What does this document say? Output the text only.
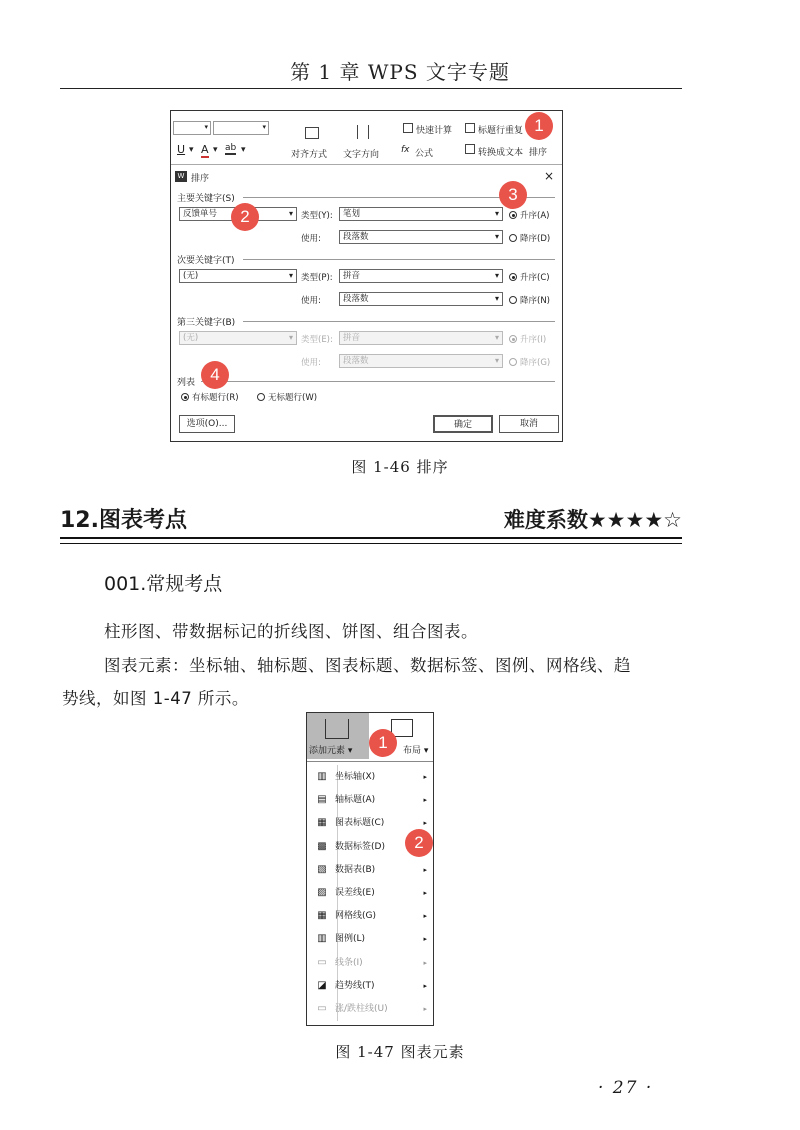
第 1 章 WPS 文字专题
▾	▾
U ▾ A ▾ ab ▾	对齐方式 文字方向 fx 公式
快速计算	标题行重复
转换成文本 排序
W 排序	×
主要关键字(S)
反馈单号	▾ 类型(Y):	笔划	▾	升序(A)
使用:	段落数	▾	降序(D)
次要关键字(T)
(无)	▾ 类型(P):	拼音	▾	升序(C)
使用:	段落数	▾	降序(N)
第三关键字(B)
(无)	▾ 类型(E):	拼音	▾	升序(I)
使用:	段落数	▾	降序(G)
列表
有标题行(R)	无标题行(W)
选项(O)...	确定	取消
1
2
3
4
图 1-46 排序
12.图表考点	难度系数★★★★☆
001.常规考点
柱形图、带数据标记的折线图、饼图、组合图表。
图表元素：坐标轴、轴标题、图表标题、数据标签、图例、网格线、趋
势线，如图 1-47 所示。
添加元素 ▾	布局 ▾
▥ 坐标轴(X)	▸
▤ 轴标题(A)	▸
▦ 图表标题(C)	▸
▩ 数据标签(D)
▧ 数据表(B)	▸
▨ 误差线(E)	▸
▦ 网格线(G)	▸
▥ 图例(L)	▸
▭ 线条(I)	▸
◪ 趋势线(T)	▸
▭ 涨/跌柱线(U)	▸
1
2
图 1-47 图表元素
· 27 ·
